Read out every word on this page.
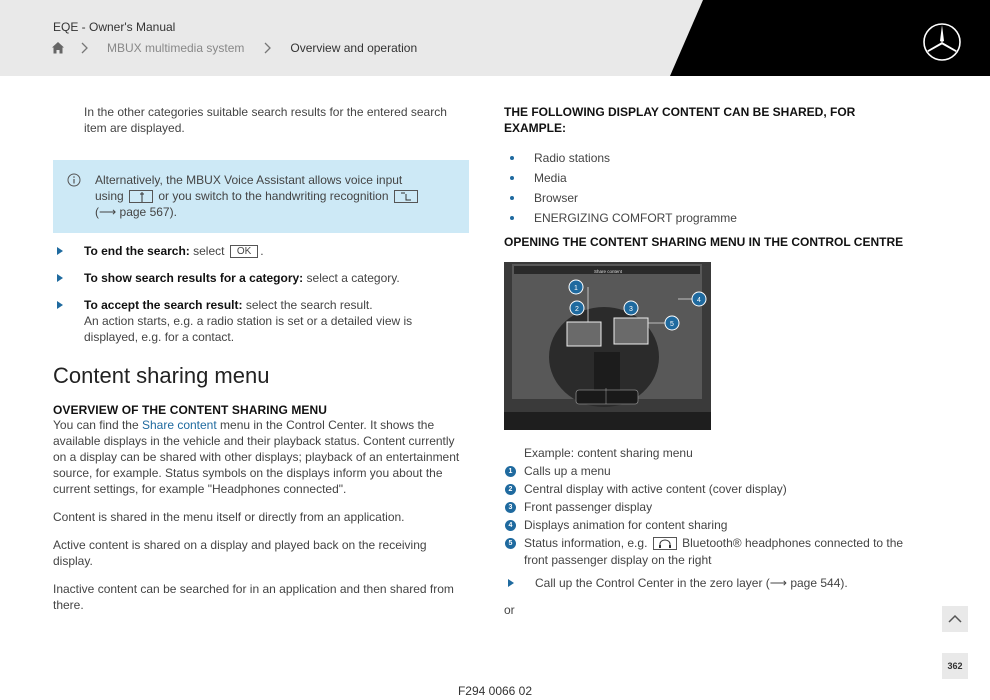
EQE - Owner's Manual
MBUX multimedia system	Overview and operation

In the other categories suitable search results for the entered search item are displayed.

Alternatively, the MBUX Voice Assistant allows voice input
using	or you switch to the handwriting recognition
(⟶ page 567).
To end the search: select OK .
To show search results for a category: select a category.
To accept the search result: select the search result.
An action starts, e.g. a radio station is set or a detailed view is displayed, e.g. for a contact.
Content sharing menu
OVERVIEW OF THE CONTENT SHARING MENU

You can find the Share content menu in the Control Center. It shows the available displays in the vehicle and their playback status. Content currently on a display can be shared with other displays; playback of an entertainment source, for example. Status symbols on the displays inform you about the current settings, for example "Headphones connected".

Content is shared in the menu itself or directly from an application.

Active content is shared on a display and played back on the receiving display.

Inactive content can be searched for in an application and then shared from there.

THE FOLLOWING DISPLAY CONTENT CAN BE SHARED, FOR EXAMPLE:
Radio stations
Media
Browser
ENERGIZING COMFORT programme
OPENING THE CONTENT SHARING MENU IN THE CONTROL CENTRE
Share content
1
2	3
4
5
Example: content sharing menu
1 Calls up a menu
2 Central display with active content (cover display)
3 Front passenger display
4 Displays animation for content sharing
5 Status information, e.g.	Bluetooth® headphones connected to the front passenger display on the right
Call up the Control Center in the zero layer (⟶ page 544).
or
362
F294 0066 02
